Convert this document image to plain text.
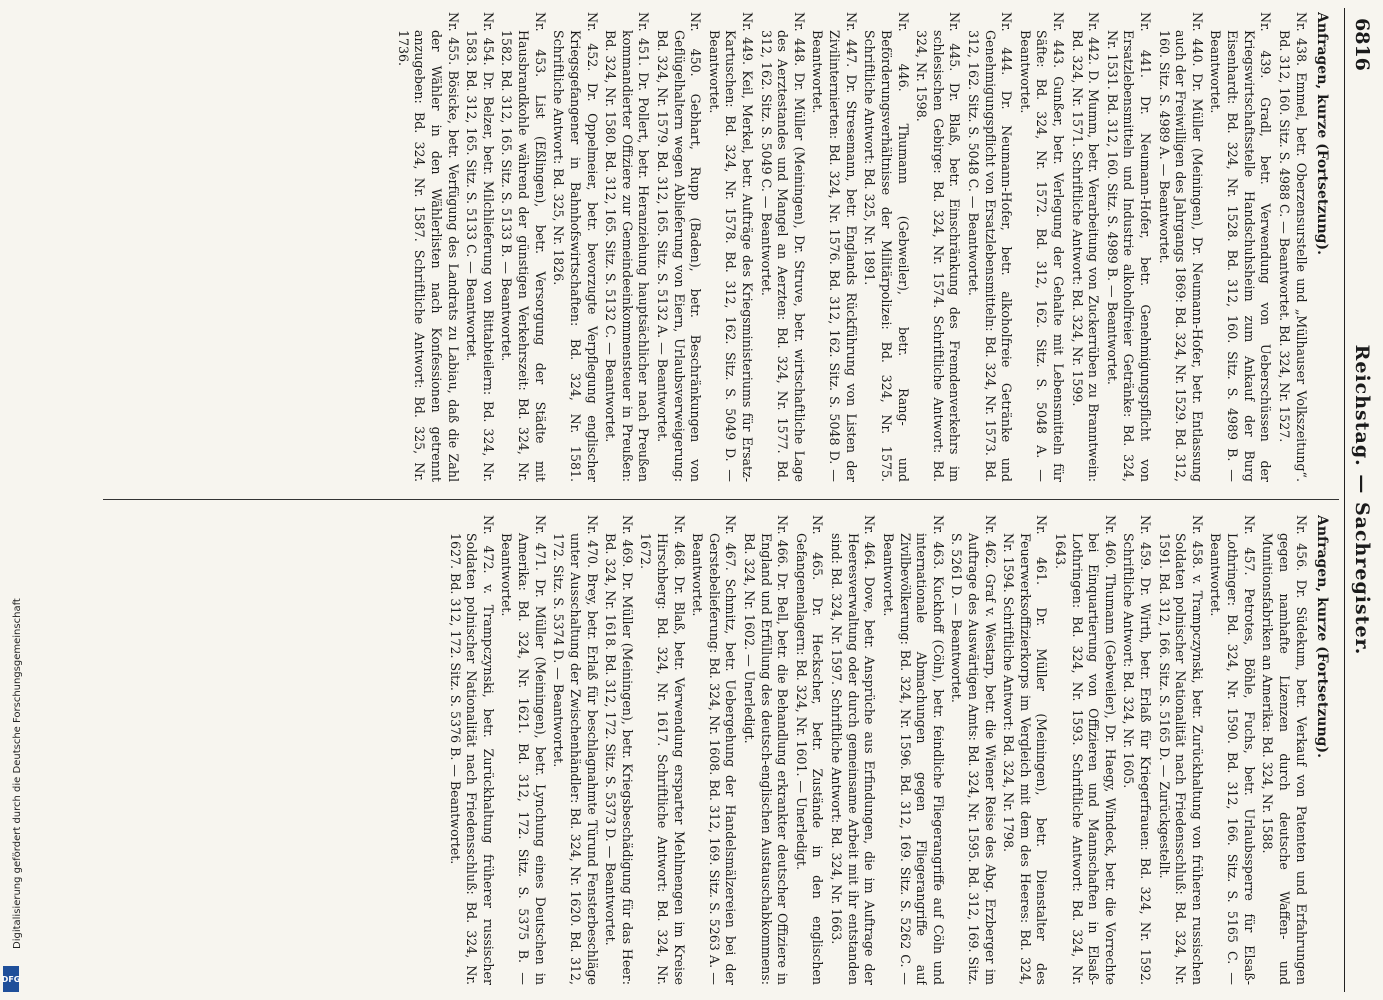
Digitalisierung gefördert durch die Deutsche Forschungsgemeinschaft
DFG
6816
Reichstag. — Sachregister.
Anfragen, kurze (Fortsetzung).
Nr. 438. Emmel, betr. Oberzensurstelle und „Mülhauser Volkszeitung“. Bd. 312, 160. Sitz. S. 4988 C. — Beantwortet. Bd. 324, Nr. 1527.
Nr. 439. Gradl, betr. Verwendung von Ueberschüssen der Kriegswirtschaftsstelle Handschuhsheim zum Ankauf der Burg Eisenhardt: Bd. 324, Nr. 1528. Bd. 312, 160. Sitz. S. 4989 B. — Beantwortet.
Nr. 440. Dr. Müller (Meiningen), Dr. Neumann-Hofer, betr. Entlassung auch der Freiwilligen des Jahrgangs 1869: Bd. 324, Nr. 1529. Bd. 312, 160. Sitz. S. 4989 A. — Beantwortet.
Nr. 441. Dr. Neumann-Hofer, betr. Genehmigungspflicht von Ersatzlebensmitteln und Industrie alkoholfreier Getränke: Bd. 324, Nr. 1531. Bd. 312, 160. Sitz. S. 4989 B. — Beantwortet.
Nr. 442. D. Mumm, betr. Verarbeitung von Zuckerrüben zu Branntwein: Bd. 324, Nr. 1571. Schriftliche Antwort: Bd. 324, Nr. 1599.
Nr. 443. Gunßer, betr. Verlegung der Gehalte mit Lebensmitteln für Säfte: Bd. 324, Nr. 1572. Bd. 312, 162. Sitz. S. 5048 A. — Beantwortet.
Nr. 444. Dr. Neumann-Hofer, betr. alkoholfreie Getränke und Genehmigungspflicht von Ersatzlebensmitteln: Bd. 324, Nr. 1573. Bd. 312, 162. Sitz. S. 5048 C. — Beantwortet.
Nr. 445. Dr. Blaß, betr. Einschränkung des Fremdenverkehrs im schlesischen Gebirge: Bd. 324, Nr. 1574. Schriftliche Antwort: Bd. 324, Nr. 1598.
Nr. 446. Thumann (Gebweiler), betr. Rang- und Beförderungsverhältnisse der Militärpolizei: Bd. 324, Nr. 1575. Schriftliche Antwort: Bd. 325, Nr. 1891.
Nr. 447. Dr. Stresemann, betr. Englands Rückführung von Listen der Zivilinternierten: Bd. 324, Nr. 1576. Bd. 312, 162. Sitz. S. 5048 D. — Beantwortet.
Nr. 448. Dr. Müller (Meiningen), Dr. Struve, betr. wirtschaftliche Lage des Aerztestandes und Mangel an Aerzten: Bd. 324, Nr. 1577. Bd. 312, 162. Sitz. S. 5049 C. — Beantwortet.
Nr. 449. Keil, Merkel, betr. Aufträge des Kriegsministeriums für Ersatz-Kartuschen: Bd. 324, Nr. 1578. Bd. 312, 162. Sitz. S. 5049 D. — Beantwortet.
Nr. 450. Gebhart, Rupp (Baden), betr. Beschränkungen von Geflügelhaltern wegen Ablieferung von Eiern, Urlaubsverweigerung: Bd. 324, Nr. 1579. Bd. 312, 165. Sitz. S. 5132 A. — Beantwortet.
Nr. 451. Dr. Pollert, betr. Heranziehung hauptsächlicher nach Preußen kommandierter Offiziere zur Gemeindeeinkommensteuer in Preußen: Bd. 324, Nr. 1580. Bd. 312, 165. Sitz. S. 5132 C. — Beantwortet.
Nr. 452. Dr. Oppelmeier, betr. bevorzugte Verpflegung englischer Kriegsgefangener in Bahnhofswirtschaften: Bd. 324, Nr. 1581. Schriftliche Antwort: Bd. 325, Nr. 1826.
Nr. 453. List (Eßlingen), betr. Versorgung der Städte mit Hausbrandkohle während der günstigen Verkehrszeit: Bd. 324, Nr. 1582. Bd. 312, 165. Sitz. S. 5133 B. — Beantwortet.
Nr. 454. Dr. Belzer, betr. Milchlieferung von Bittabteilern: Bd. 324, Nr. 1583. Bd. 312, 165. Sitz. S. 5133 C. — Beantwortet.
Nr. 455. Bösicke, betr. Verfügung des Landrats zu Labiau, daß die Zahl der Wähler in den Wählerlisten nach Konfessionen getrennt anzugeben: Bd. 324, Nr. 1587. Schriftliche Antwort: Bd. 325, Nr. 1736.
Anfragen, kurze (Fortsetzung).
Nr. 456. Dr. Südekum, betr. Verkauf von Patenten und Erfahrungen gegen namhafte Lizenzen durch deutsche Waffen- und Munitionsfabriken an Amerika: Bd. 324, Nr. 1588.
Nr. 457. Petrotes, Böhle, Fuchs, betr. Urlaubssperre für Elsaß-Lothringer: Bd. 324, Nr. 1590. Bd. 312, 166. Sitz. S. 5165 C. — Beantwortet.
Nr. 458. v. Trampczynski, betr. Zurückhaltung von früheren russischen Soldaten polnischer Nationalität nach Friedensschluß: Bd. 324, Nr. 1591. Bd. 312, 166. Sitz. S. 5165 D. — Zurückgestellt.
Nr. 459. Dr. Wirth, betr. Erlaß für Kriegerfrauen: Bd. 324, Nr. 1592. Schriftliche Antwort: Bd. 324, Nr. 1605.
Nr. 460. Thumann (Gebweiler), Dr. Haegy, Windeck, betr. die Vorrechte bei Einquartierung von Offizieren und Mannschaften in Elsaß-Lothringen: Bd. 324, Nr. 1593. Schriftliche Antwort: Bd. 324, Nr. 1643.
Nr. 461. Dr. Müller (Meiningen), betr. Dienstalter des Feuerwerksoffizierkorps im Vergleich mit dem des Heeres: Bd. 324, Nr. 1594. Schriftliche Antwort: Bd. 324, Nr. 1798.
Nr. 462. Graf v. Westarp, betr. die Wiener Reise des Abg. Erzberger im Auftrage des Auswärtigen Amts: Bd. 324, Nr. 1595. Bd. 312, 169. Sitz. S. 5261 D. — Beantwortet.
Nr. 463. Kuckhoff (Cöln), betr. feindliche Fliegerangriffe auf Cöln und internationale Abmachungen gegen Fliegerangriffe auf Zivilbevölkerung: Bd. 324, Nr. 1596. Bd. 312, 169. Sitz. S. 5262 C. — Beantwortet.
Nr. 464. Dove, betr. Ansprüche aus Erfindungen, die im Auftrage der Heeresverwaltung oder durch gemeinsame Arbeit mit ihr entstanden sind: Bd. 324, Nr. 1597. Schriftliche Antwort: Bd. 324, Nr. 1663.
Nr. 465. Dr. Heckscher, betr. Zustände in den englischen Gefangenenlagern: Bd. 324, Nr. 1601. — Unerledigt.
Nr. 466. Dr. Bell, betr. die Behandlung erkrankter deutscher Offiziere in England und Erfüllung des deutsch-englischen Austauschabkommens: Bd. 324, Nr. 1602. — Unerledigt.
Nr. 467. Schmitz, betr. Uebergehung der Handelsmälzereien bei der Gerstebelieferung: Bd. 324, Nr. 1608. Bd. 312, 169. Sitz. S. 5263 A. — Beantwortet.
Nr. 468. Dr. Blaß, betr. Verwendung ersparter Mehlmengen im Kreise Hirschberg: Bd. 324, Nr. 1617. Schriftliche Antwort: Bd. 324, Nr. 1672.
Nr. 469. Dr. Müller (Meiningen), betr. Kriegsbeschädigung für das Heer: Bd. 324, Nr. 1618. Bd. 312, 172. Sitz. S. 5373 D. — Beantwortet.
Nr. 470. Brey, betr. Erlaß für beschlagnahmte Türund Fensterbeschläge unter Ausschaltung der Zwischenhändler: Bd. 324, Nr. 1620. Bd. 312, 172. Sitz. S. 5374 D. — Beantwortet.
Nr. 471. Dr. Müller (Meiningen), betr. Lynchung eines Deutschen in Amerika: Bd. 324, Nr. 1621. Bd. 312, 172. Sitz. S. 5375 B. — Beantwortet.
Nr. 472. v. Trampczynski, betr. Zurückhaltung früherer russischer Soldaten polnischer Nationalität nach Friedensschluß: Bd. 324, Nr. 1627. Bd. 312, 172. Sitz. S. 5376 B. — Beantwortet.
